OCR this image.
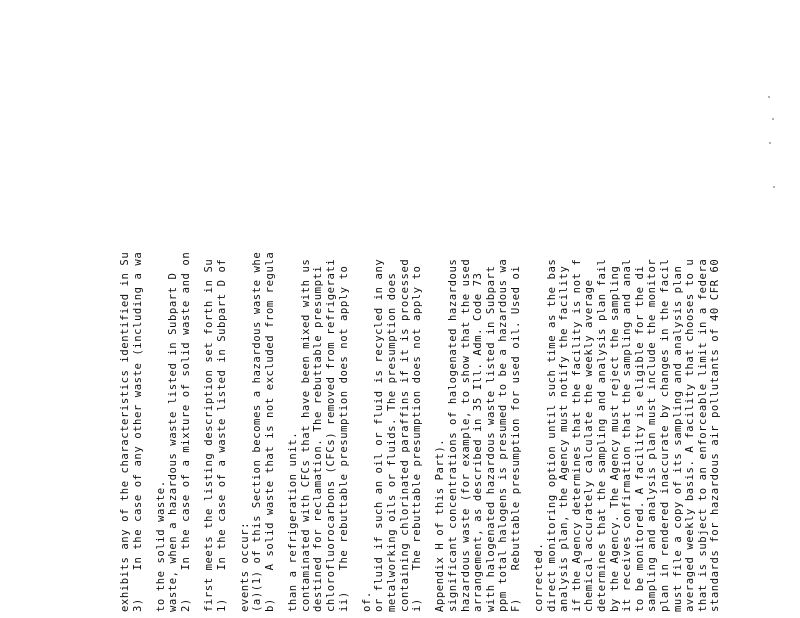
standards for hazardous air pollutants of 40 CFR 60
that is subject to an enforceable limit in a federa
averaged weekly basis. A facility that chooses to u
must file a copy of its sampling and analysis plan
plan in rendered inaccurate by changes in the facil
sampling and analysis plan must include the monitor
to be monitored. A facility is eligible for the di
it receives confirmation that the sampling and anal
by the Agency. The Agency must reject the sampling
determines that the sampling and analysis plan fail
chemical accurately calculate the weekly average
if the Agency determines that the facility is not f
analysis plan, the Agency must notify the facility
direct monitoring option until such time as the bas
corrected.
F)    Rebuttable presumption for used oil. Used oi
ppm total halogens is presumed to be a hazardous wa
with halogenated hazardous waste listed in Subpart
arrangement, as described in 35 Ill. Adm. Code 73
hazardous waste (for example, to show that the used
significant concentrations of halogenated hazardous
Appendix H of this Part).
i)    The rebuttable presumption does not apply to
containing chlorinated paraffins if it is processed
metalworking oils or fluids. The presumption does
or fluid if such an oil or fluid is recycled in any
of.
ii)   The rebuttable presumption does not apply to
chlorofluorocarbons (CFCs) removed from refrigerati
destined for reclamation. The rebuttable presumpti
contaminated with CFCs that have been mixed with us
than a refrigeration unit.
b)    A solid waste that is not excluded from regula
(a)(1) of this Section becomes a hazardous waste whe
events occur:
1)    In the case of a waste listed in Subpart D of
first meets the listing description set forth in Su
2)    In the case of a mixture of solid waste and on
waste, when a hazardous waste listed in Subpart D
to the solid waste.
3)    In the case of any other waste (including a wa
exhibits any of the characteristics identified in Su
